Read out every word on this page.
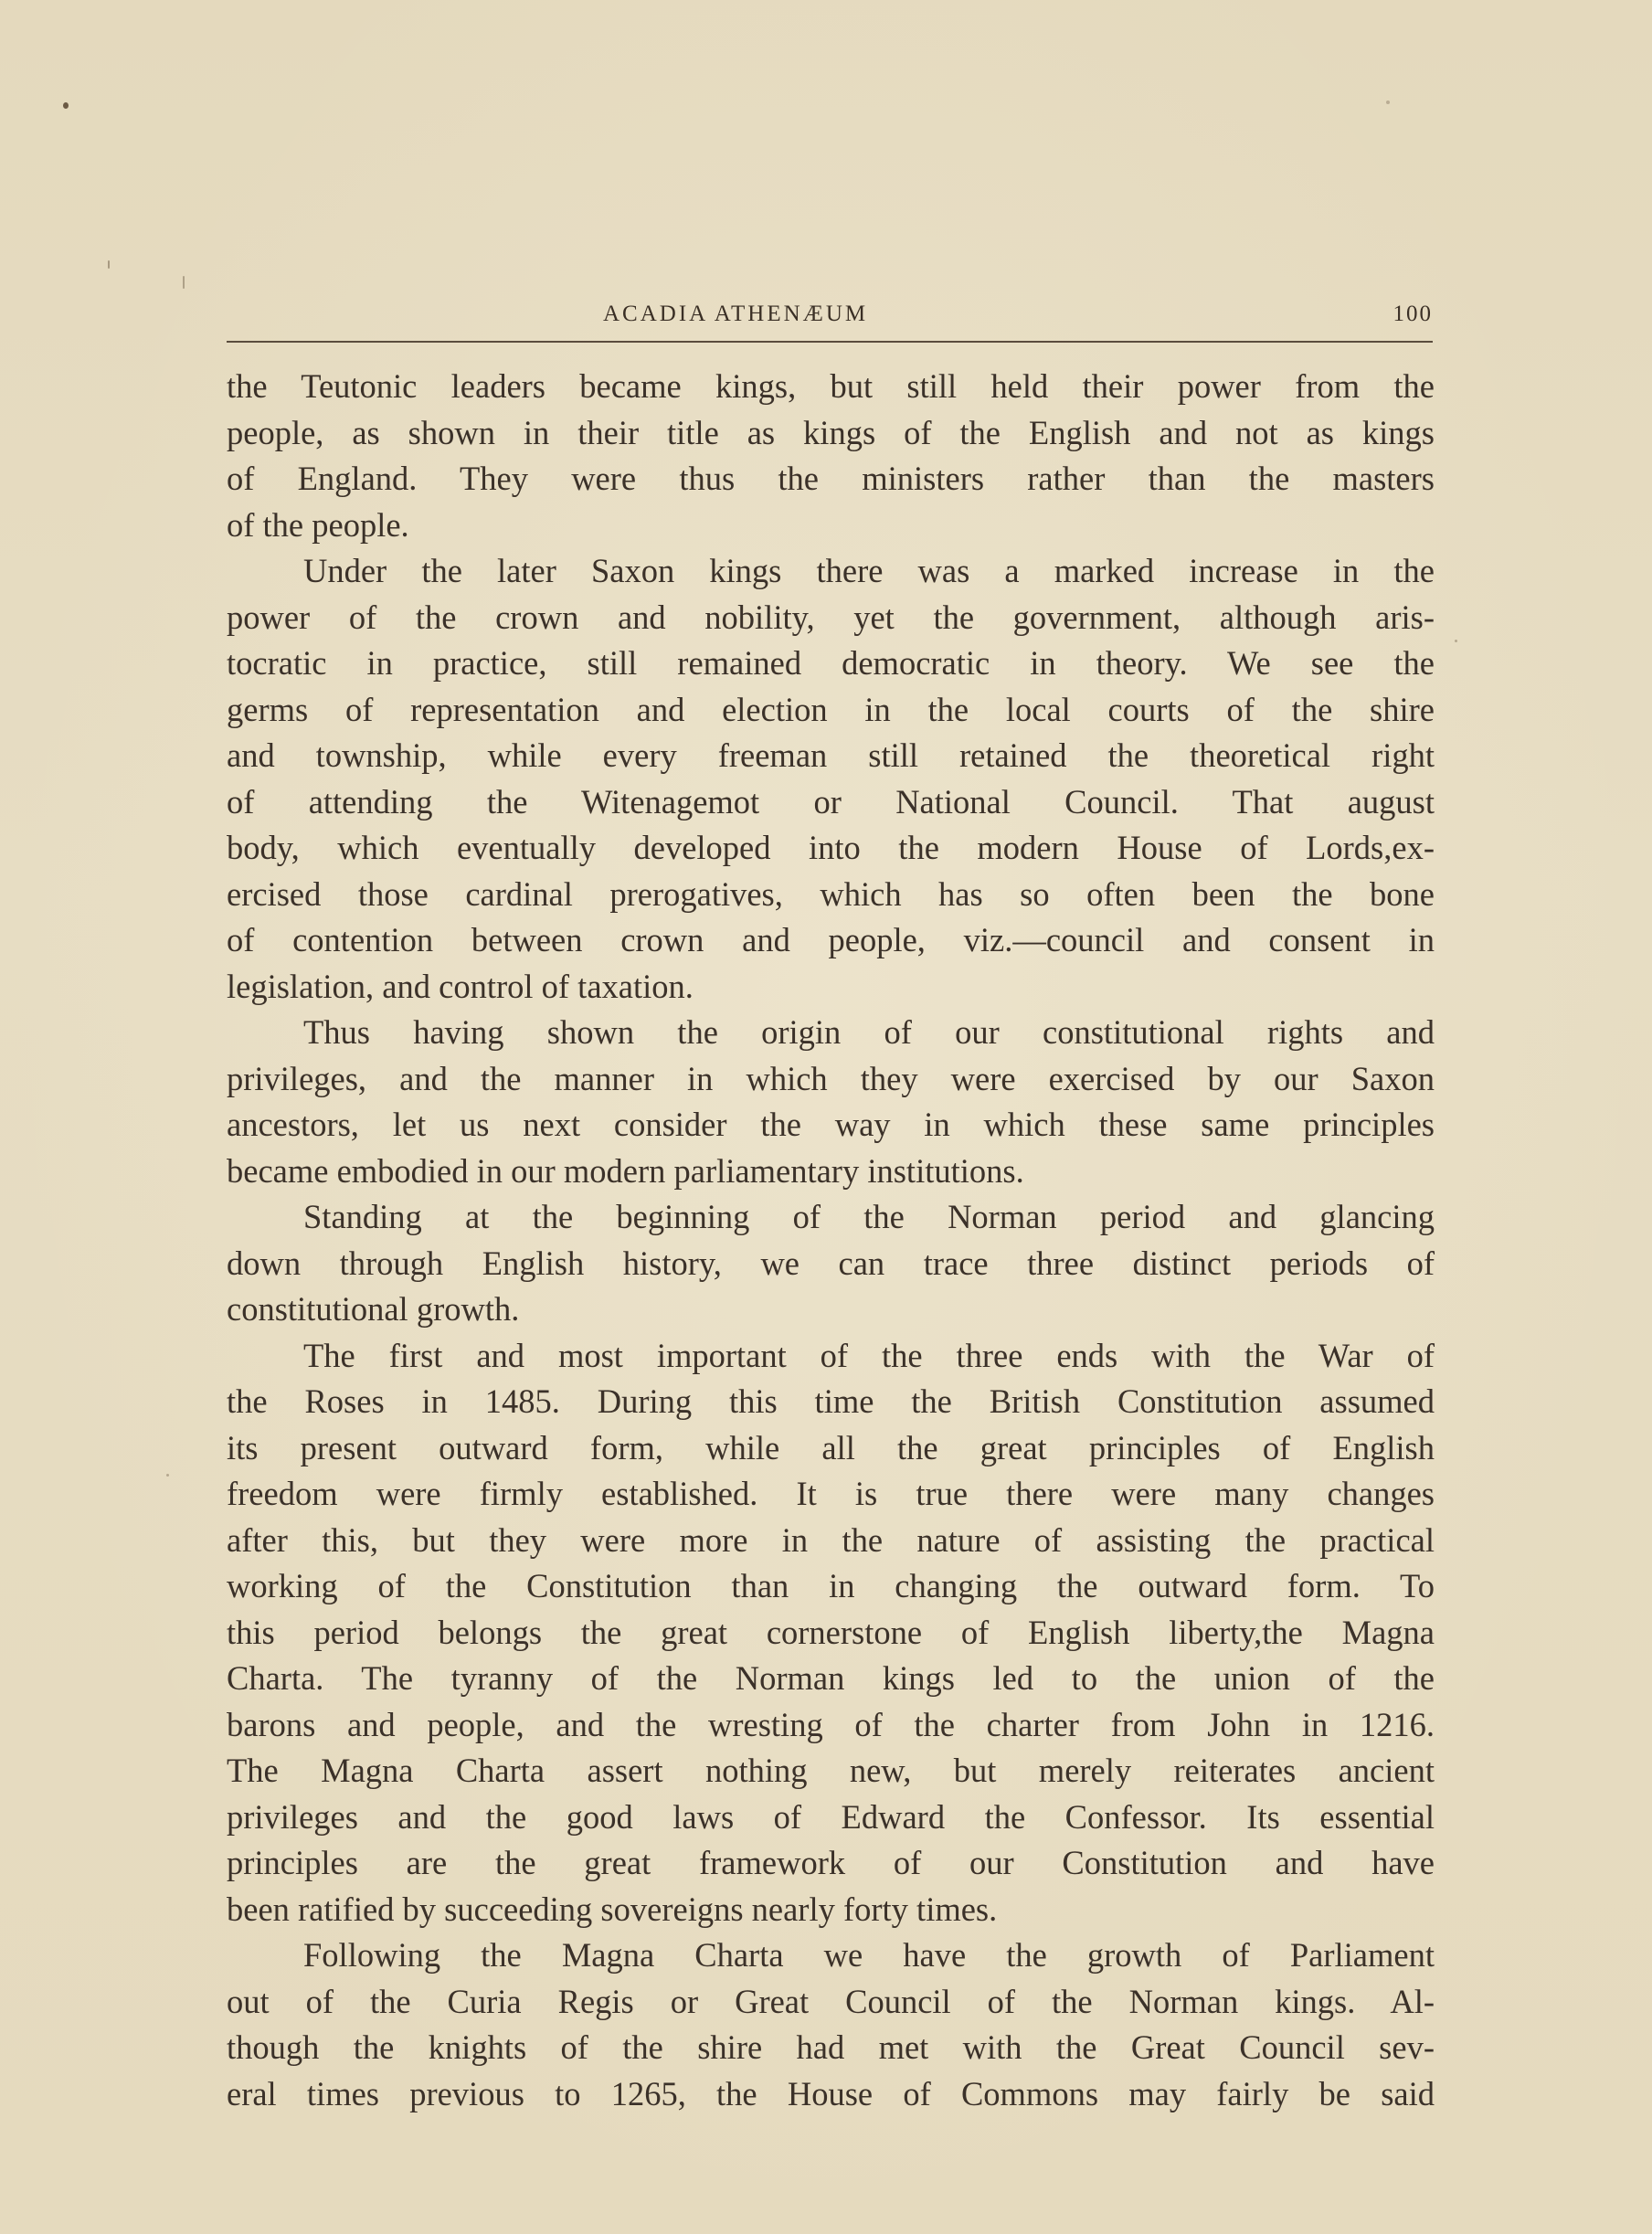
ACADIA ATHENÆUM	100
the Teutonic leaders became kings, but still held their power from the
people, as shown in their title as kings of the English and not as kings
of England. They were thus the ministers rather than the masters
of the people.
Under the later Saxon kings there was a marked increase in the
power of the crown and nobility, yet the government, although aris-
tocratic in practice, still remained democratic in theory. We see the
germs of representation and election in the local courts of the shire
and township, while every freeman still retained the theoretical right
of attending the Witenagemot or National Council. That august
body, which eventually developed into the modern House of Lords,ex-
ercised those cardinal prerogatives, which has so often been the bone
of contention between crown and people, viz.—council and consent in
legislation, and control of taxation.
Thus having shown the origin of our constitutional rights and
privileges, and the manner in which they were exercised by our Saxon
ancestors, let us next consider the way in which these same principles
became embodied in our modern parliamentary institutions.
Standing at the beginning of the Norman period and glancing
down through English history, we can trace three distinct periods of
constitutional growth.
The first and most important of the three ends with the War of
the Roses in 1485. During this time the British Constitution assumed
its present outward form, while all the great principles of English
freedom were firmly established. It is true there were many changes
after this, but they were more in the nature of assisting the practical
working of the Constitution than in changing the outward form. To
this period belongs the great cornerstone of English liberty,the Magna
Charta. The tyranny of the Norman kings led to the union of the
barons and people, and the wresting of the charter from John in 1216.
The Magna Charta assert nothing new, but merely reiterates ancient
privileges and the good laws of Edward the Confessor. Its essential
principles are the great framework of our Constitution and have
been ratified by succeeding sovereigns nearly forty times.
Following the Magna Charta we have the growth of Parliament
out of the Curia Regis or Great Council of the Norman kings. Al-
though the knights of the shire had met with the Great Council sev-
eral times previous to 1265, the House of Commons may fairly be said
